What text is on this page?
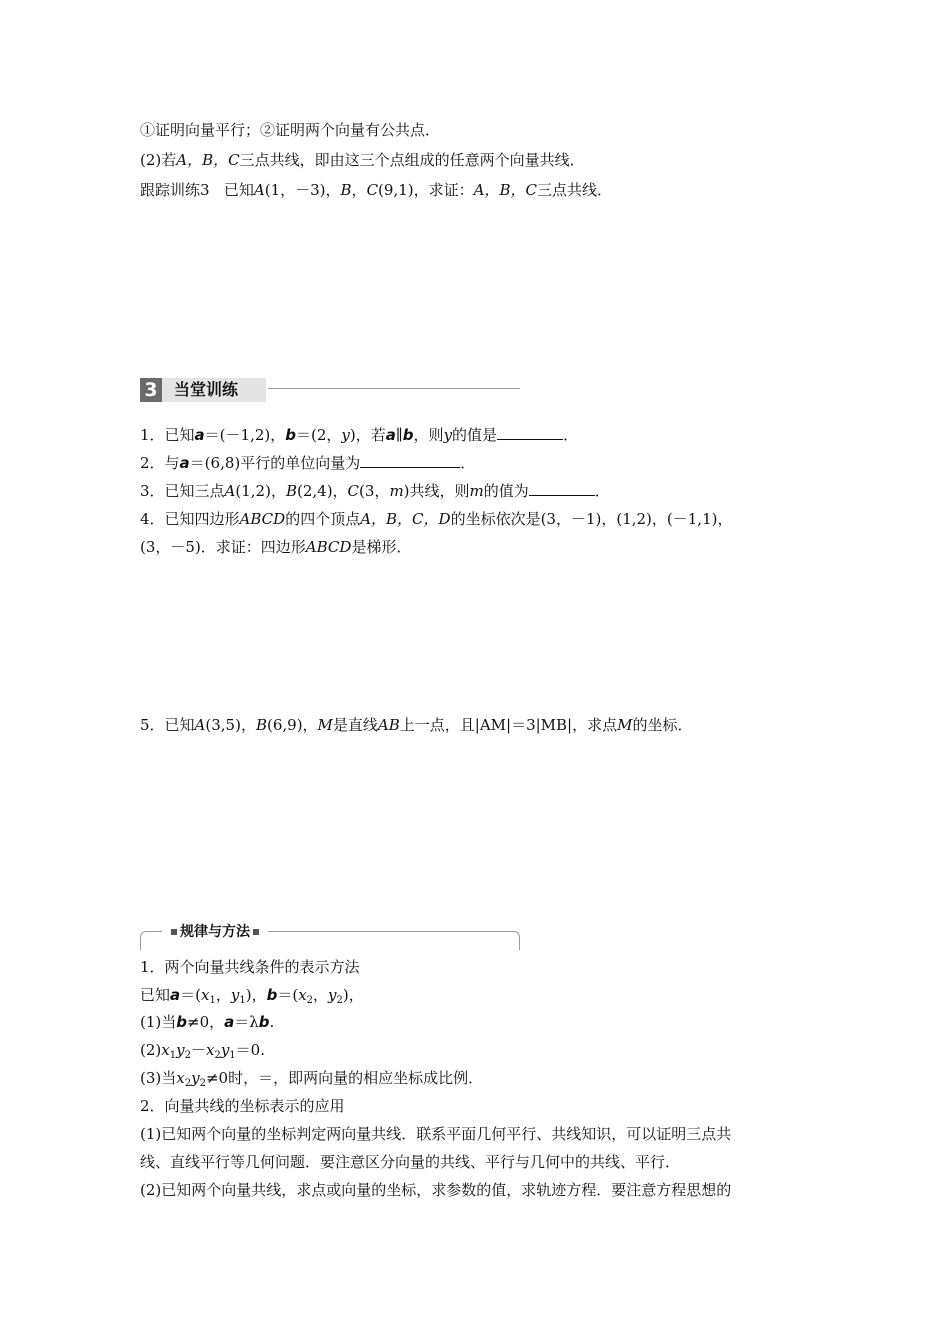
①证明向量平行；②证明两个向量有公共点．
(2)若A，B，C三点共线，即由这三个点组成的任意两个向量共线．
跟踪训练3 已知A(1，－3)，B，C(9,1)，求证：A，B，C三点共线．
3	当堂训练
1．已知a＝(－1,2)，b＝(2，y)，若a∥b，则y的值是	．
2．与a＝(6,8)平行的单位向量为	．
3．已知三点A(1,2)，B(2,4)，C(3，m)共线，则m的值为	．
4．已知四边形ABCD的四个顶点A，B，C，D的坐标依次是(3，－1)，(1,2)，(－1,1)，
(3，－5)．求证：四边形ABCD是梯形．
5．已知A(3,5)，B(6,9)，M是直线AB上一点，且|AM|＝3|MB|，求点M的坐标．
规律与方法
1．两个向量共线条件的表示方法
已知$a=(x_1$，$y_1$)，$b=(x_2$，$y_2$)，
(1)当b≠0，a＝λb.
$(2)x_1y_2-x_2y_1=0$.
(3)当$x_2y_2\ne 0$时，＝，即两向量的相应坐标成比例．
2．向量共线的坐标表示的应用
(1)已知两个向量的坐标判定两向量共线．联系平面几何平行、共线知识，可以证明三点共
线、直线平行等几何问题．要注意区分向量的共线、平行与几何中的共线、平行．
(2)已知两个向量共线，求点或向量的坐标，求参数的值，求轨迹方程．要注意方程思想的
